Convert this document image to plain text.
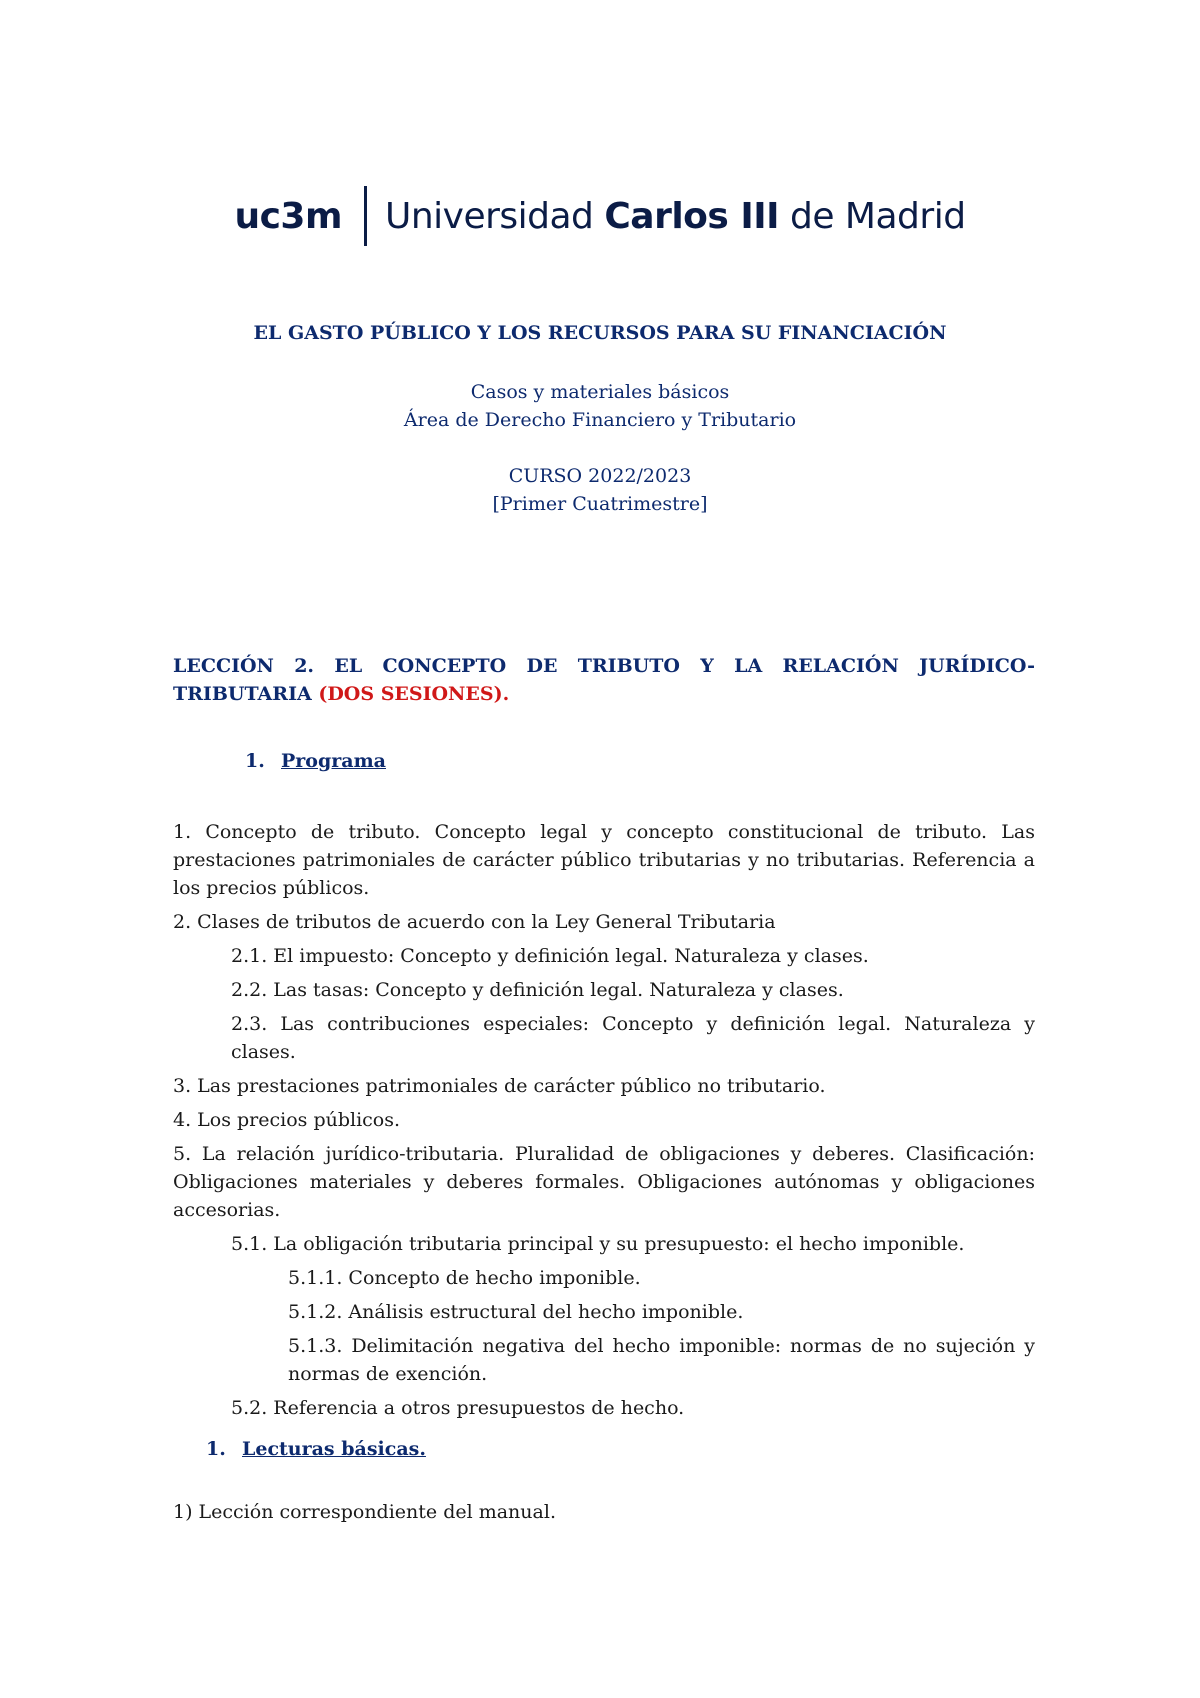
uc3m Universidad Carlos III de Madrid
EL GASTO PÚBLICO Y LOS RECURSOS PARA SU FINANCIACIÓN
Casos y materiales básicos
Área de Derecho Financiero y Tributario
CURSO 2022/2023
[Primer Cuatrimestre]
LECCIÓN 2. EL CONCEPTO DE TRIBUTO Y LA RELACIÓN JURÍDICO-TRIBUTARIA (DOS SESIONES).
1. Programa

1. Concepto de tributo. Concepto legal y concepto constitucional de tributo. Las prestaciones patrimoniales de carácter público tributarias y no tributarias. Referencia a los precios públicos.

2. Clases de tributos de acuerdo con la Ley General Tributaria

2.1. El impuesto: Concepto y definición legal. Naturaleza y clases.

2.2. Las tasas: Concepto y definición legal. Naturaleza y clases.

2.3. Las contribuciones especiales: Concepto y definición legal. Naturaleza y clases.

3. Las prestaciones patrimoniales de carácter público no tributario.

4. Los precios públicos.

5. La relación jurídico-tributaria. Pluralidad de obligaciones y deberes. Clasificación: Obligaciones materiales y deberes formales. Obligaciones autónomas y obligaciones accesorias.

5.1. La obligación tributaria principal y su presupuesto: el hecho imponible.

5.1.1. Concepto de hecho imponible.

5.1.2. Análisis estructural del hecho imponible.

5.1.3. Delimitación negativa del hecho imponible: normas de no sujeción y normas de exención.

5.2. Referencia a otros presupuestos de hecho.

1. Lecturas básicas.
1) Lección correspondiente del manual.
